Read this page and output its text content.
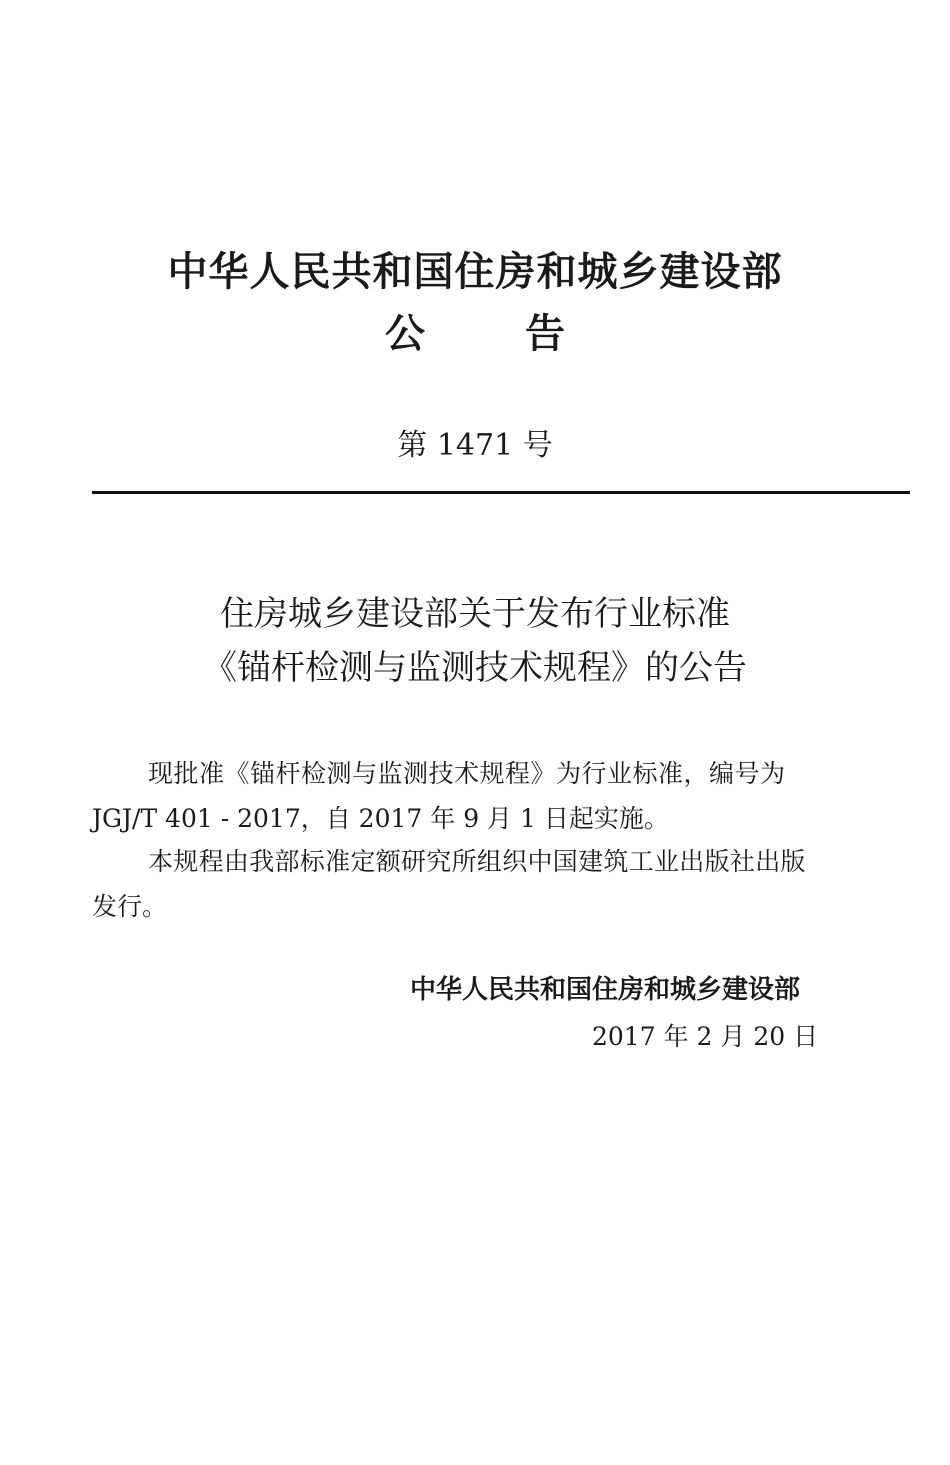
中华人民共和国住房和城乡建设部
公告
第 1471 号
住房城乡建设部关于发布行业标准
《锚杆检测与监测技术规程》的公告
现批准《锚杆检测与监测技术规程》为行业标准，编号为
JGJ/T 401 - 2017，自 2017 年 9 月 1 日起实施。
本规程由我部标准定额研究所组织中国建筑工业出版社出版
发行。
中华人民共和国住房和城乡建设部
2017 年 2 月 20 日
